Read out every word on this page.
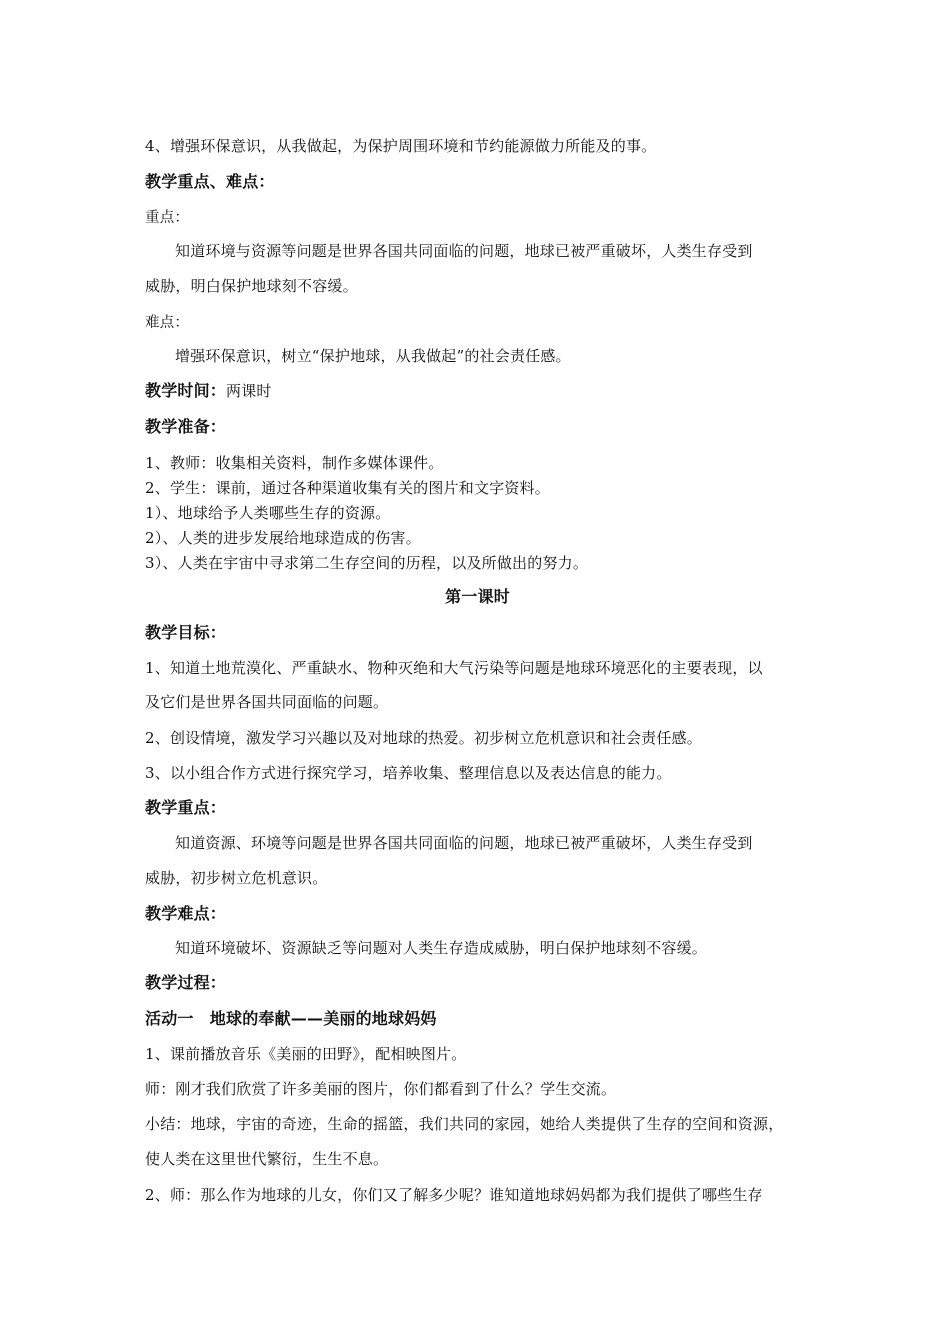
4、增强环保意识，从我做起，为保护周围环境和节约能源做力所能及的事。
教学重点、难点：
重点：
知道环境与资源等问题是世界各国共同面临的问题，地球已被严重破坏，人类生存受到
威胁，明白保护地球刻不容缓。
难点：
增强环保意识，树立“保护地球，从我做起”的社会责任感。
教学时间：两课时
教学准备：
1、教师：收集相关资料，制作多媒体课件。
2、学生：课前，通过各种渠道收集有关的图片和文字资料。
1）、地球给予人类哪些生存的资源。
2）、人类的进步发展给地球造成的伤害。
3）、人类在宇宙中寻求第二生存空间的历程，以及所做出的努力。
第一课时
教学目标：
1、知道土地荒漠化、严重缺水、物种灭绝和大气污染等问题是地球环境恶化的主要表现，以
及它们是世界各国共同面临的问题。
2、创设情境，激发学习兴趣以及对地球的热爱。初步树立危机意识和社会责任感。
3、以小组合作方式进行探究学习，培养收集、整理信息以及表达信息的能力。
教学重点：
知道资源、环境等问题是世界各国共同面临的问题，地球已被严重破坏，人类生存受到
威胁，初步树立危机意识。
教学难点：
知道环境破坏、资源缺乏等问题对人类生存造成威胁，明白保护地球刻不容缓。
教学过程：
活动一　地球的奉献——美丽的地球妈妈
1、课前播放音乐《美丽的田野》，配相映图片。
师：刚才我们欣赏了许多美丽的图片，你们都看到了什么？学生交流。
小结：地球，宇宙的奇迹，生命的摇篮，我们共同的家园，她给人类提供了生存的空间和资源，
使人类在这里世代繁衍，生生不息。
2、师：那么作为地球的儿女，你们又了解多少呢？谁知道地球妈妈都为我们提供了哪些生存
